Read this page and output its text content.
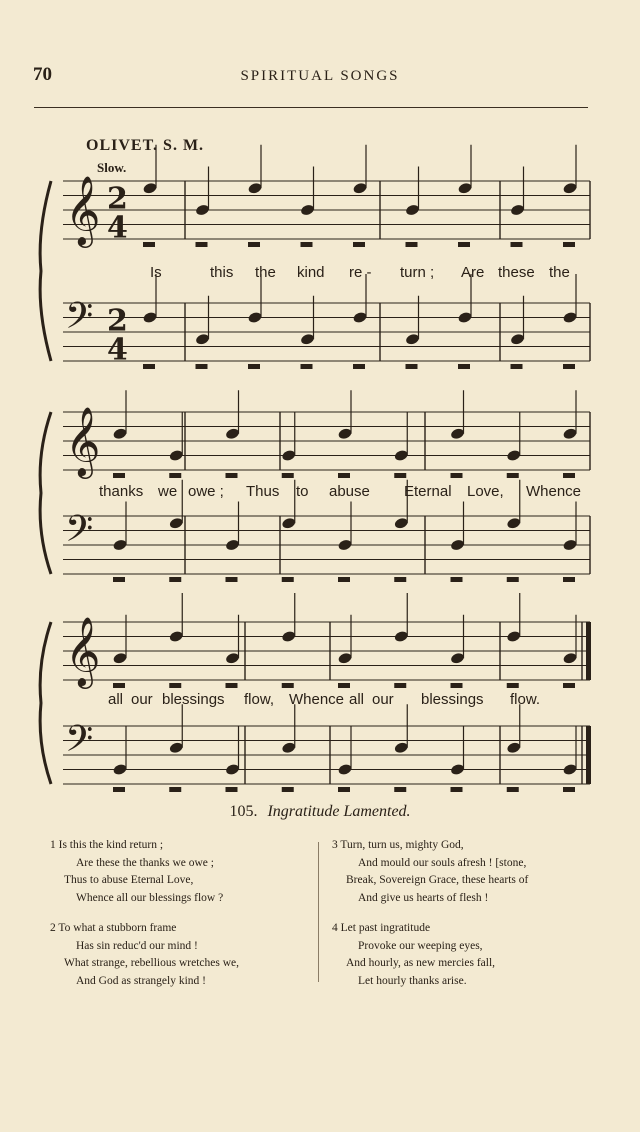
70	SPIRITUAL SONGS
OLIVET. S. M.
Slow.
𝄞 2
4
𝄢 2
4
𝄞
𝄢
𝄞
𝄢
Is	this the kind re - turn ; Are these the
thanks we owe ; Thus to abuse Eternal Love, Whence
all our blessings flow, Whence all our blessings flow.
105. Ingratitude Lamented.
1 Is this the kind return ;
Are these the thanks we owe ;
Thus to abuse Eternal Love,
Whence all our blessings flow ?
2 To what a stubborn frame
Has sin reduc'd our mind !
What strange, rebellious wretches we,
And God as strangely kind !
3 Turn, turn us, mighty God,
And mould our souls afresh ! [stone,
Break, Sovereign Grace, these hearts of
And give us hearts of flesh !
4 Let past ingratitude
Provoke our weeping eyes,
And hourly, as new mercies fall,
Let hourly thanks arise.
